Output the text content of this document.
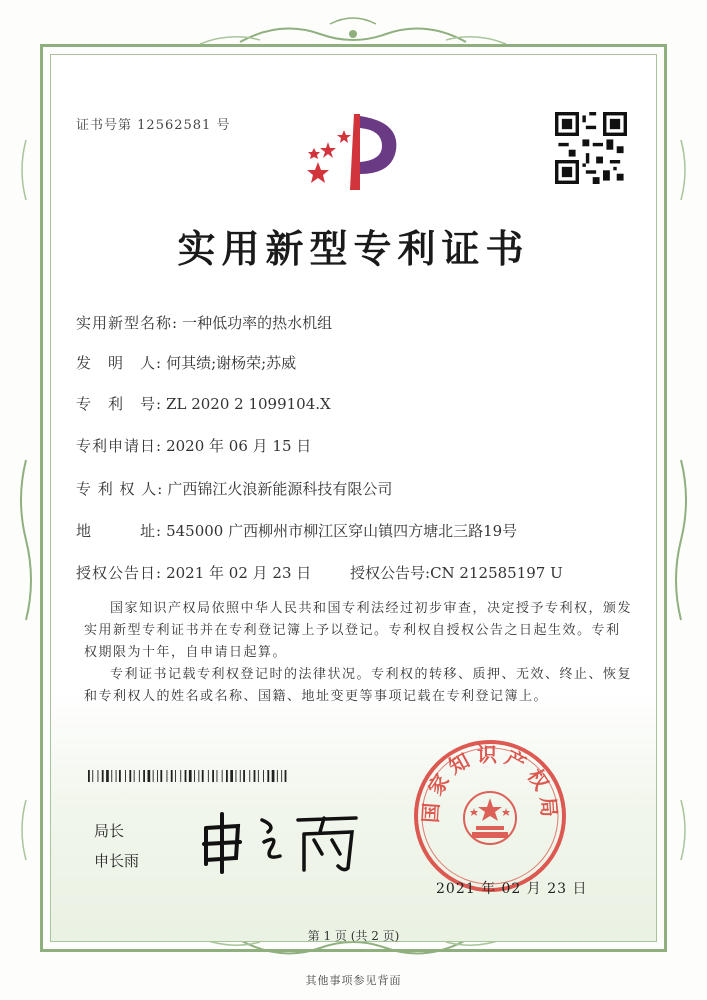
证书号第 12562581 号
实用新型专利证书
实用新型名称: 一种低功率的热水机组
发　明　人: 何其绩;谢杨荣;苏威
专　利　号: ZL 2020 2 1099104.X
专利申请日: 2020 年 06 月 15 日
专 利 权 人: 广西锦江火浪新能源科技有限公司
地　　　址: 545000 广西柳州市柳江区穿山镇四方塘北三路19号
授权公告日: 2021 年 02 月 23 日	授权公告号:CN 212585197 U
国家知识产权局依照中华人民共和国专利法经过初步审查，决定授予专利权，颁发实用新型专利证书并在专利登记簿上予以登记。专利权自授权公告之日起生效。专利权期限为十年，自申请日起算。
专利证书记载专利权登记时的法律状况。专利权的转移、质押、无效、终止、恢复和专利权人的姓名或名称、国籍、地址变更等事项记载在专利登记簿上。
局长
申长雨
国家知识产权局
2021 年 02 月 23 日
第 1 页 (共 2 页)
其他事项参见背面
